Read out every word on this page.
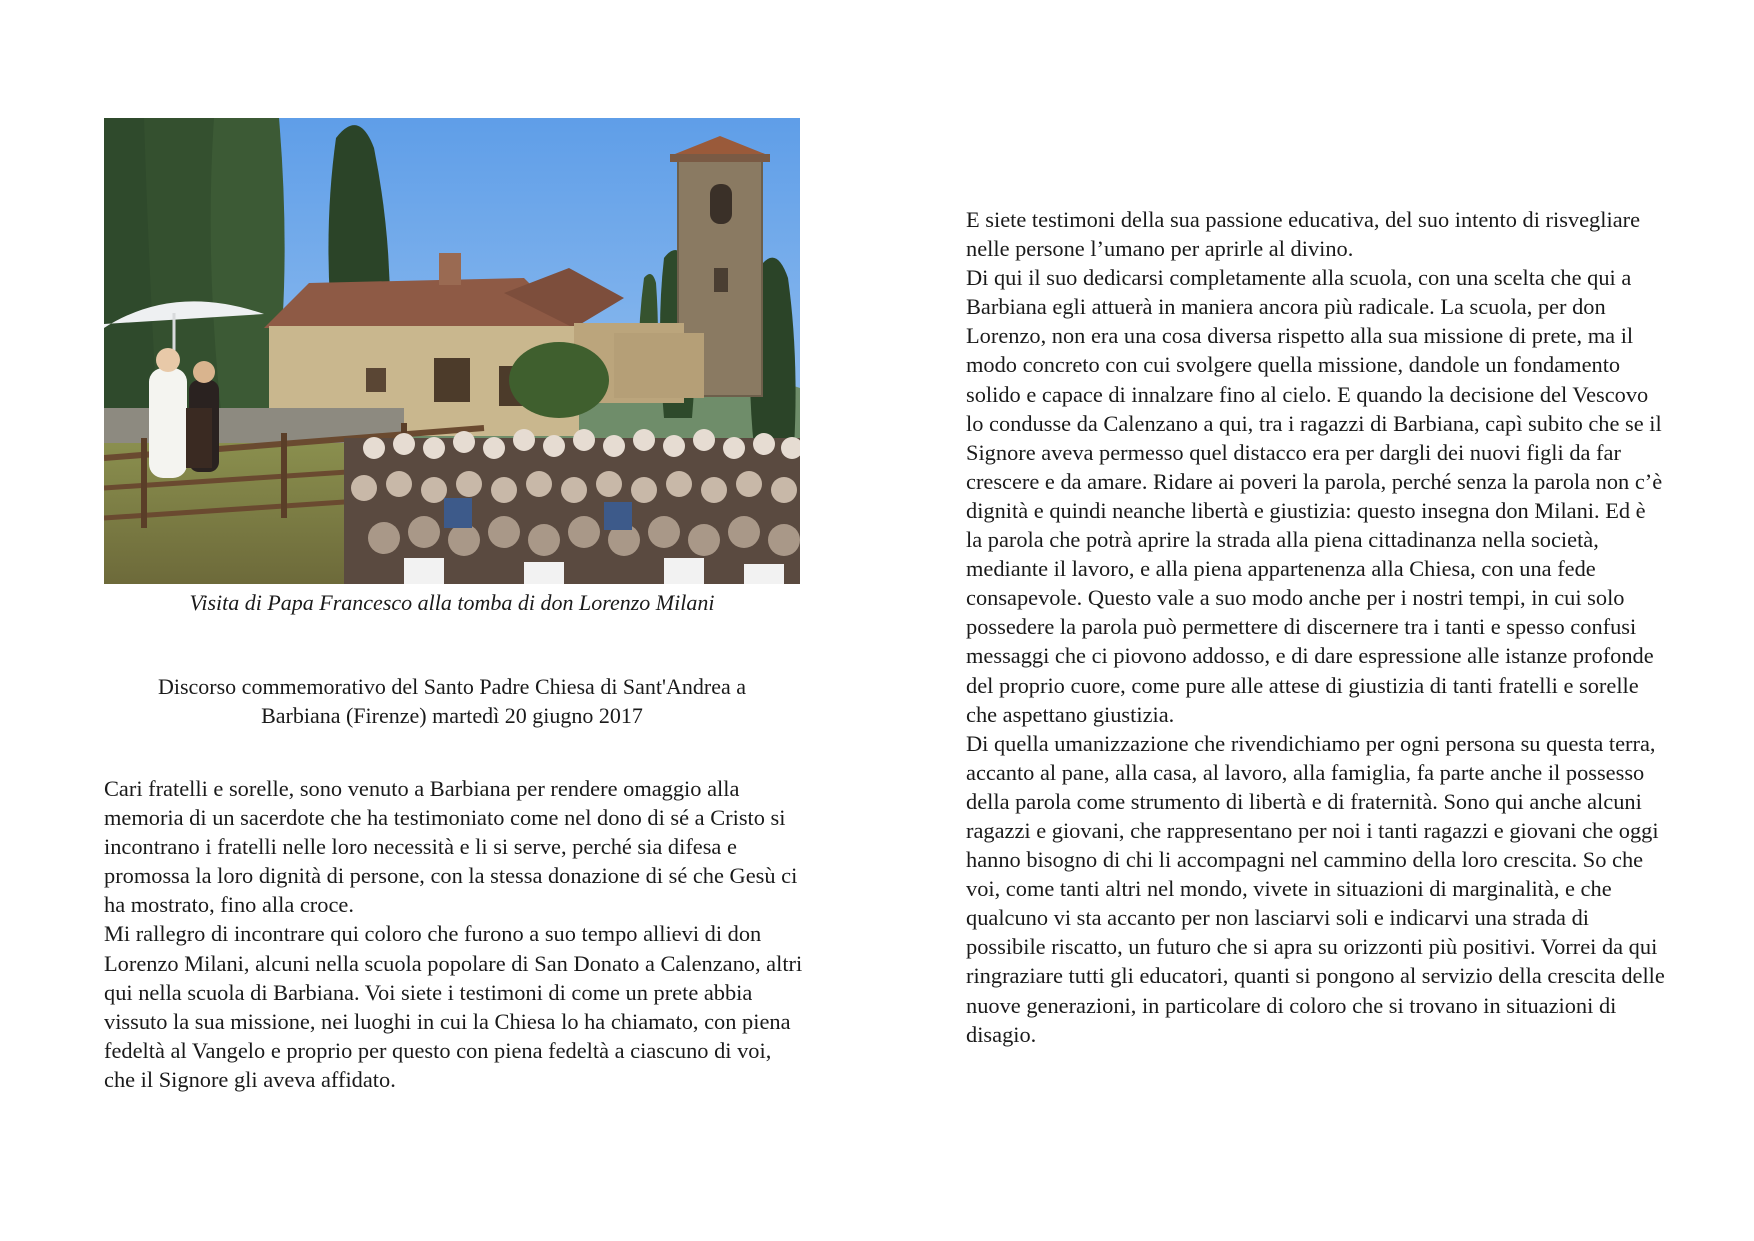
Visita di Papa Francesco alla tomba di don Lorenzo Milani
Discorso commemorativo del Santo Padre Chiesa di Sant'Andrea a
Barbiana (Firenze) martedì 20 giugno 2017

Cari fratelli e sorelle, sono venuto a Barbiana per rendere omaggio alla memoria di un sacerdote che ha testimoniato come nel dono di sé a Cristo si incontrano i fratelli nelle loro necessità e li si serve, perché sia difesa e promossa la loro dignità di persone, con la stessa donazione di sé che Gesù ci ha mostrato, fino alla croce.

Mi rallegro di incontrare qui coloro che furono a suo tempo allievi di don Lorenzo Milani, alcuni nella scuola popolare di San Donato a Calenzano, altri qui nella scuola di Barbiana. Voi siete i testimoni di come un prete abbia vissuto la sua missione, nei luoghi in cui la Chiesa lo ha chiamato, con piena fedeltà al Vangelo e proprio per questo con piena fedeltà a ciascuno di voi, che il Signore gli aveva affidato.

E siete testimoni della sua passione educativa, del suo intento di risvegliare nelle persone l’umano per aprirle al divino.

Di qui il suo dedicarsi completamente alla scuola, con una scelta che qui a Barbiana egli attuerà in maniera ancora più radicale. La scuola, per don Lorenzo, non era una cosa diversa rispetto alla sua missione di prete, ma il modo concreto con cui svolgere quella missione, dandole un fondamento solido e capace di innalzare fino al cielo. E quando la decisione del Vescovo lo condusse da Calenzano a qui, tra i ragazzi di Barbiana, capì subito che se il Signore aveva permesso quel distacco era per dargli dei nuovi figli da far crescere e da amare. Ridare ai poveri la parola, perché senza la parola non c’è dignità e quindi neanche libertà e giustizia: questo insegna don Milani. Ed è la parola che potrà aprire la strada alla piena cittadinanza nella società, mediante il lavoro, e alla piena appartenenza alla Chiesa, con una fede consapevole. Questo vale a suo modo anche per i nostri tempi, in cui solo possedere la parola può permettere di discernere tra i tanti e spesso confusi messaggi che ci piovono addosso, e di dare espressione alle istanze profonde del proprio cuore, come pure alle attese di giustizia di tanti fratelli e sorelle che aspettano giustizia.

Di quella umanizzazione che rivendichiamo per ogni persona su questa terra, accanto al pane, alla casa, al lavoro, alla famiglia, fa parte anche il possesso della parola come strumento di libertà e di fraternità. Sono qui anche alcuni ragazzi e giovani, che rappresentano per noi i tanti ragazzi e giovani che oggi hanno bisogno di chi li accompagni nel cammino della loro crescita. So che voi, come tanti altri nel mondo, vivete in situazioni di marginalità, e che qualcuno vi sta accanto per non lasciarvi soli e indicarvi una strada di possibile riscatto, un futuro che si apra su orizzonti più positivi. Vorrei da qui ringraziare tutti gli educatori, quanti si pongono al servizio della crescita delle nuove generazioni, in particolare di coloro che si trovano in situazioni di disagio.
